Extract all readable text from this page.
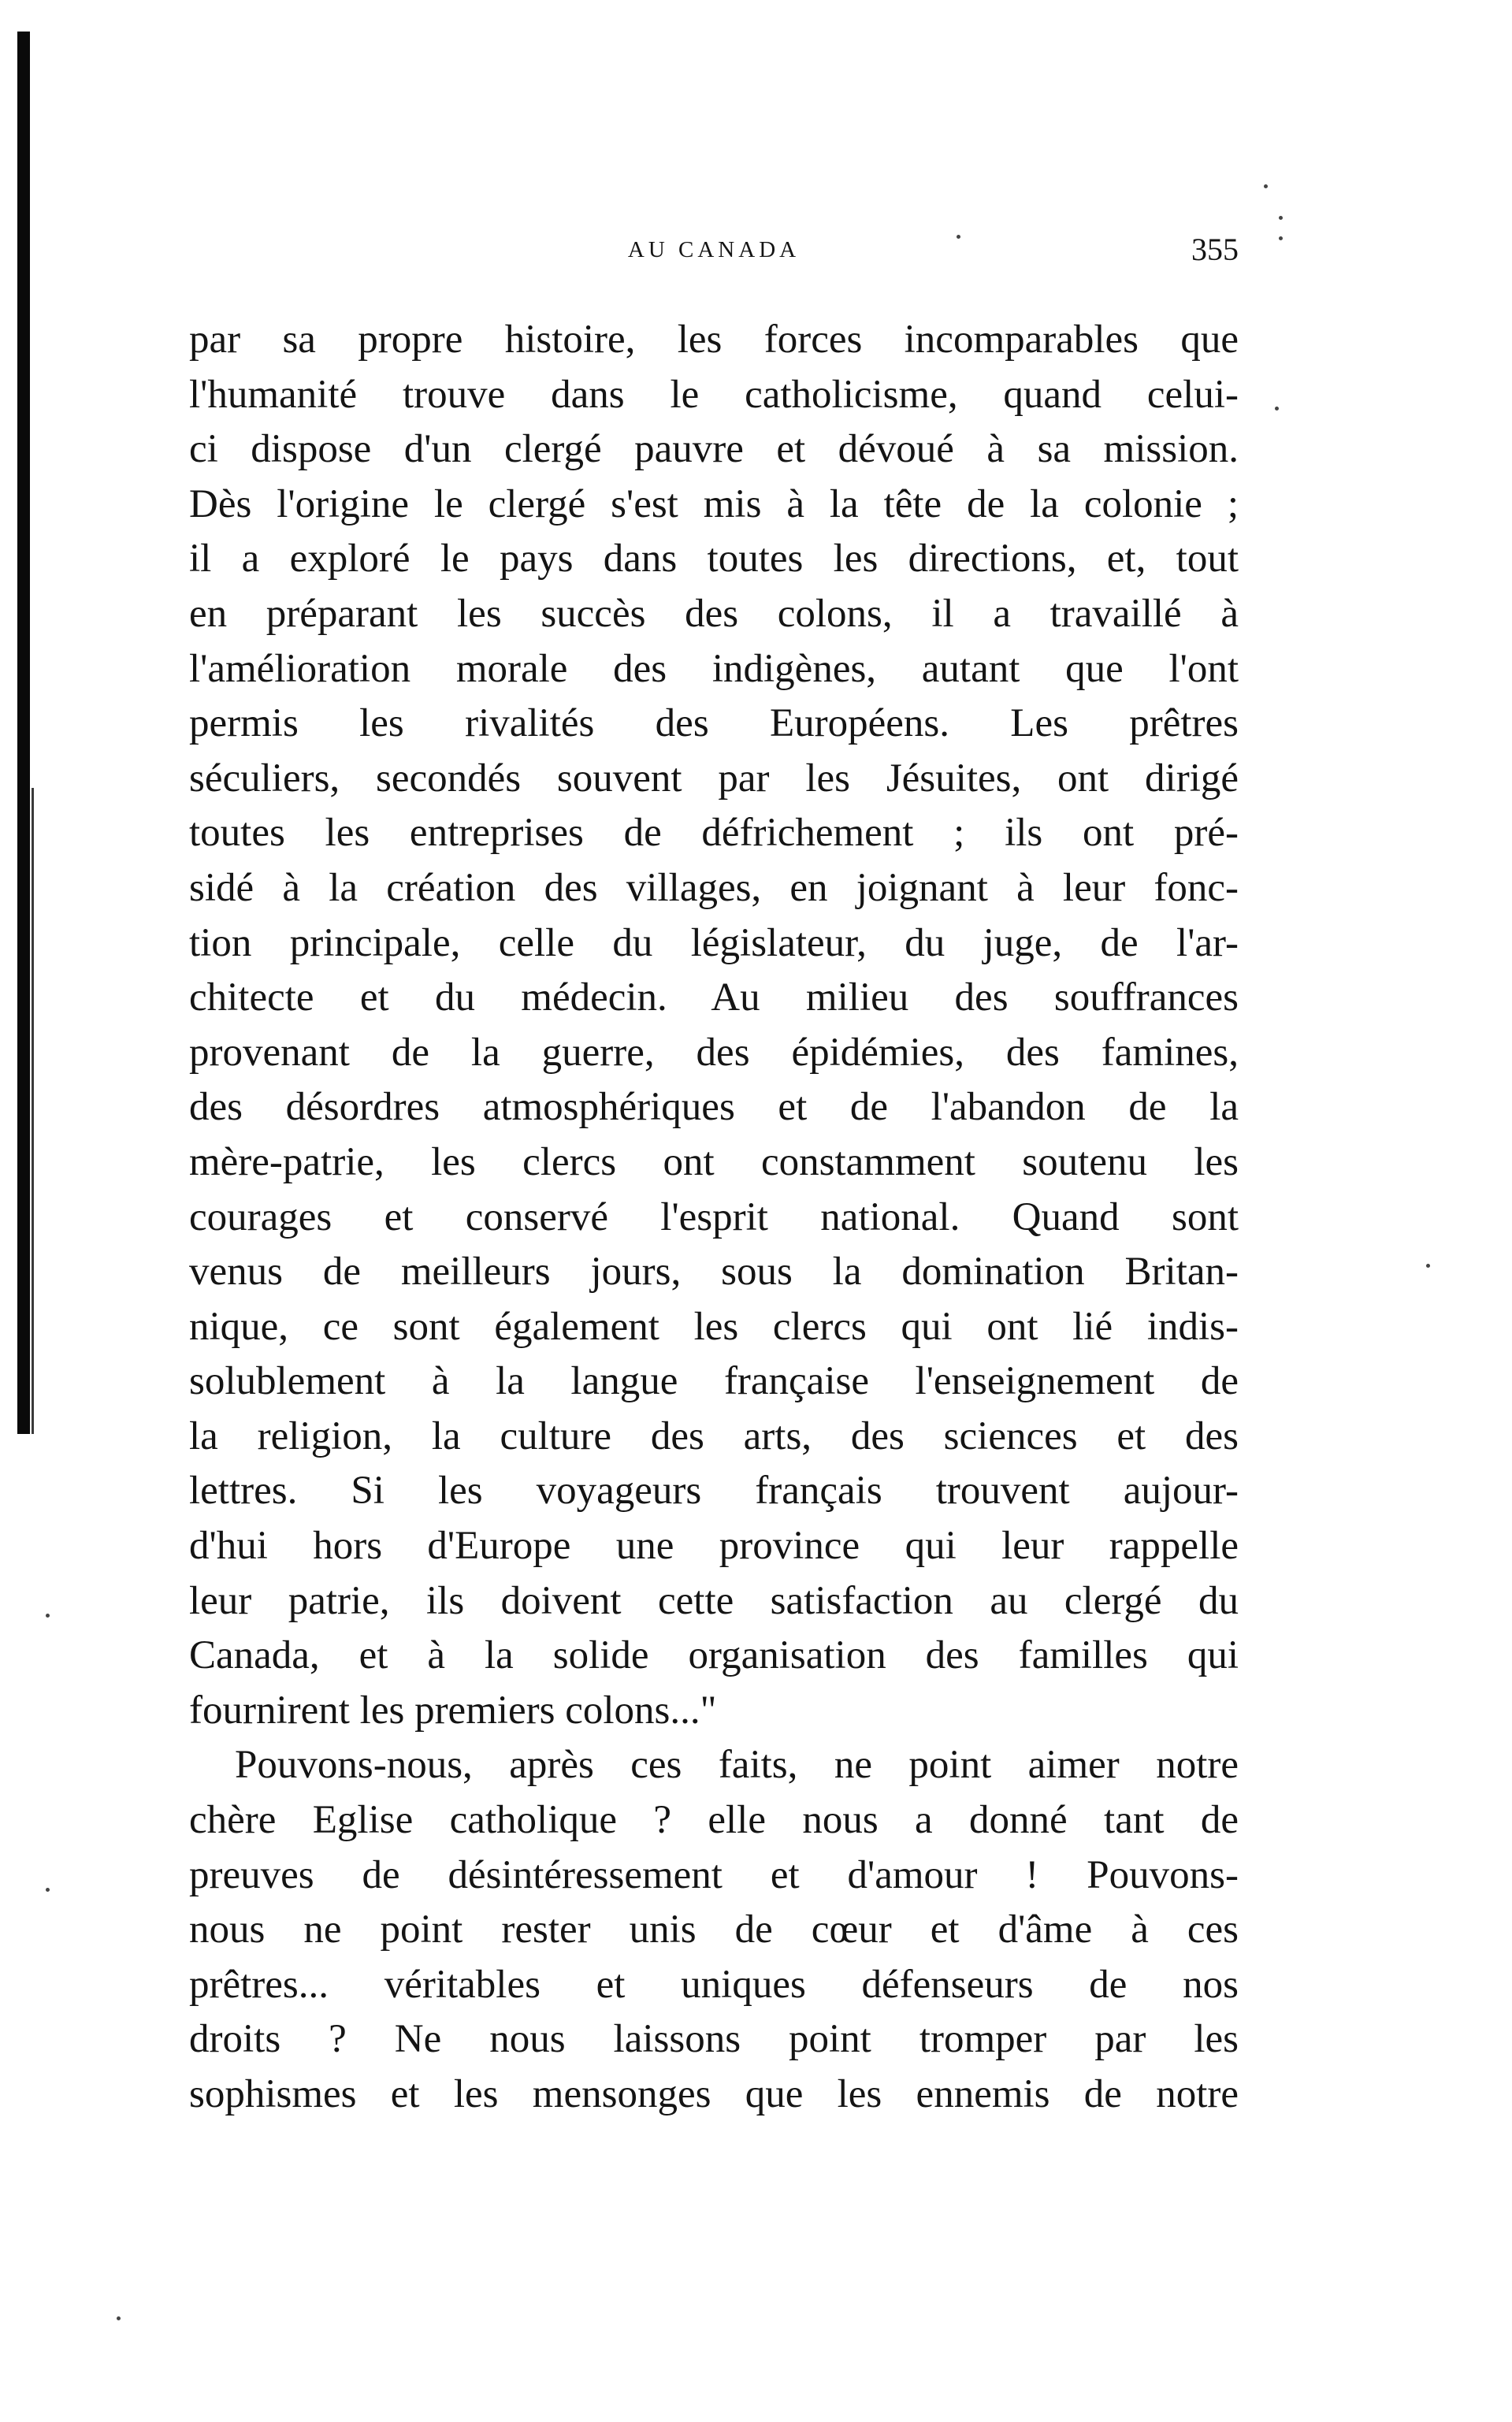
AU CANADA	355
par sa propre histoire, les forces incomparables que
l'humanité trouve dans le catholicisme, quand celui-
ci dispose d'un clergé pauvre et dévoué à sa mission.
Dès l'origine le clergé s'est mis à la tête de la colonie ;
il a exploré le pays dans toutes les directions, et, tout
en préparant les succès des colons, il a travaillé à
l'amélioration morale des indigènes, autant que l'ont
permis les rivalités des Européens. Les prêtres
séculiers, secondés souvent par les Jésuites, ont dirigé
toutes les entreprises de défrichement ; ils ont pré-
sidé à la création des villages, en joignant à leur fonc-
tion principale, celle du législateur, du juge, de l'ar-
chitecte et du médecin. Au milieu des souffrances
provenant de la guerre, des épidémies, des famines,
des désordres atmosphériques et de l'abandon de la
mère-patrie, les clercs ont constamment soutenu les
courages et conservé l'esprit national. Quand sont
venus de meilleurs jours, sous la domination Britan-
nique, ce sont également les clercs qui ont lié indis-
solublement à la langue française l'enseignement de
la religion, la culture des arts, des sciences et des
lettres. Si les voyageurs français trouvent aujour-
d'hui hors d'Europe une province qui leur rappelle
leur patrie, ils doivent cette satisfaction au clergé du
Canada, et à la solide organisation des familles qui
fournirent les premiers colons..."
Pouvons-nous, après ces faits, ne point aimer notre
chère Eglise catholique ? elle nous a donné tant de
preuves de désintéressement et d'amour ! Pouvons-
nous ne point rester unis de cœur et d'âme à ces
prêtres... véritables et uniques défenseurs de nos
droits ? Ne nous laissons point tromper par les
sophismes et les mensonges que les ennemis de notre
